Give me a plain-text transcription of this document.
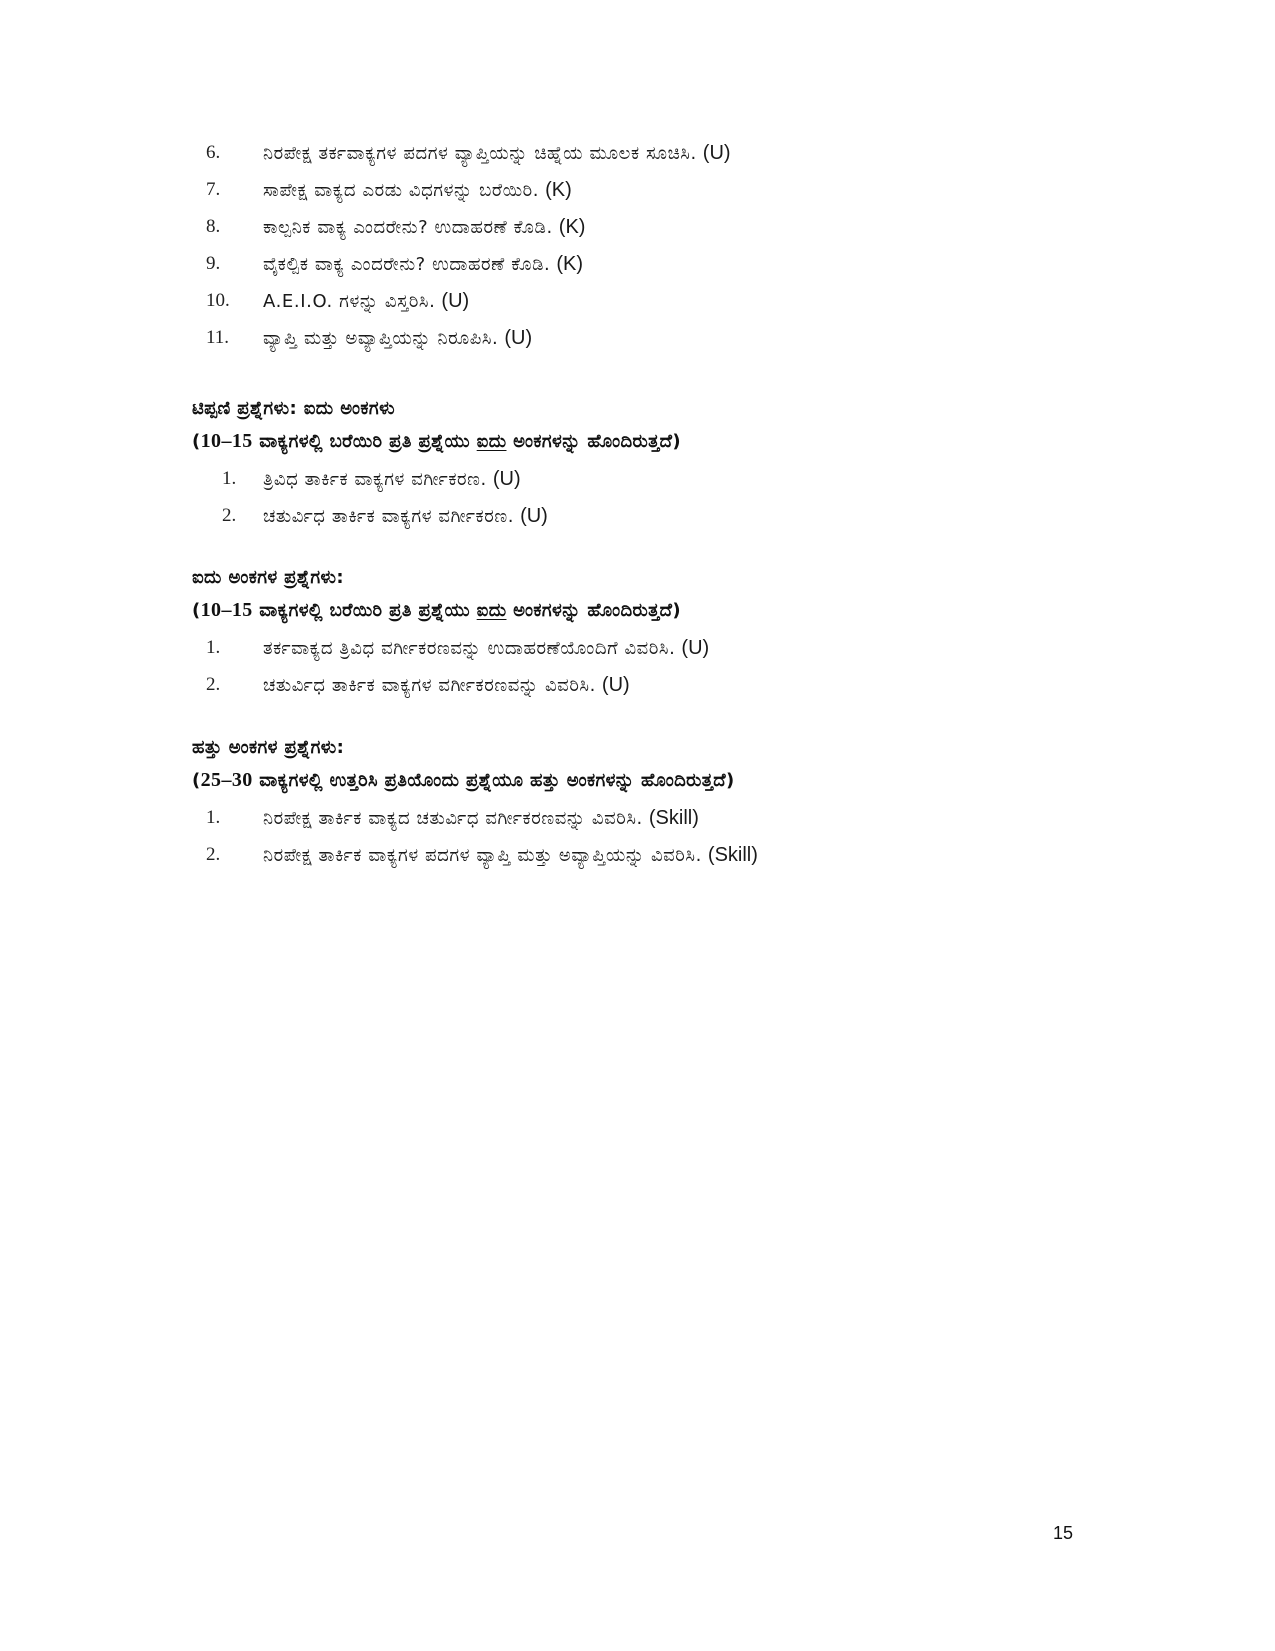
6. ನಿರಪೇಕ್ಷ ತರ್ಕವಾಕ್ಯಗಳ ಪದಗಳ ವ್ಯಾಪ್ತಿಯನ್ನು ಚಿಹ್ನೆಯ ಮೂಲಕ ಸೂಚಿಸಿ. (U)
7. ಸಾಪೇಕ್ಷ ವಾಕ್ಯದ ಎರಡು ವಿಧಗಳನ್ನು ಬರೆಯಿರಿ. (K)
8. ಕಾಲ್ಪನಿಕ ವಾಕ್ಯ ಎಂದರೇನು? ಉದಾಹರಣೆ ಕೊಡಿ. (K)
9. ವೈಕಲ್ಪಿಕ ವಾಕ್ಯ ಎಂದರೇನು? ಉದಾಹರಣೆ ಕೊಡಿ. (K)
10. A.E.I.O. ಗಳನ್ನು ವಿಸ್ತರಿಸಿ. (U)
11. ವ್ಯಾಪ್ತಿ ಮತ್ತು ಅವ್ಯಾಪ್ತಿಯನ್ನು ನಿರೂಪಿಸಿ. (U)
ಟಿಪ್ಪಣಿ ಪ್ರಶ್ನೆಗಳು: ಐದು ಅಂಕಗಳು
(10–15 ವಾಕ್ಯಗಳಲ್ಲಿ ಬರೆಯಿರಿ ಪ್ರತಿ ಪ್ರಶ್ನೆಯು ಐದು ಅಂಕಗಳನ್ನು ಹೊಂದಿರುತ್ತದೆ)
1. ತ್ರಿವಿಧ ತಾರ್ಕಿಕ ವಾಕ್ಯಗಳ ವರ್ಗೀಕರಣ. (U)
2. ಚತುರ್ವಿಧ ತಾರ್ಕಿಕ ವಾಕ್ಯಗಳ ವರ್ಗೀಕರಣ. (U)
ಐದು ಅಂಕಗಳ ಪ್ರಶ್ನೆಗಳು:
(10–15 ವಾಕ್ಯಗಳಲ್ಲಿ ಬರೆಯಿರಿ ಪ್ರತಿ ಪ್ರಶ್ನೆಯು ಐದು ಅಂಕಗಳನ್ನು ಹೊಂದಿರುತ್ತದೆ)
1. ತರ್ಕವಾಕ್ಯದ ತ್ರಿವಿಧ ವರ್ಗೀಕರಣವನ್ನು ಉದಾಹರಣೆಯೊಂದಿಗೆ ವಿವರಿಸಿ. (U)
2. ಚತುರ್ವಿಧ ತಾರ್ಕಿಕ ವಾಕ್ಯಗಳ ವರ್ಗೀಕರಣವನ್ನು ವಿವರಿಸಿ. (U)
ಹತ್ತು ಅಂಕಗಳ ಪ್ರಶ್ನೆಗಳು:
(25–30 ವಾಕ್ಯಗಳಲ್ಲಿ ಉತ್ತರಿಸಿ ಪ್ರತಿಯೊಂದು ಪ್ರಶ್ನೆಯೂ ಹತ್ತು ಅಂಕಗಳನ್ನು ಹೊಂದಿರುತ್ತದೆ)
1. ನಿರಪೇಕ್ಷ ತಾರ್ಕಿಕ ವಾಕ್ಯದ ಚತುರ್ವಿಧ ವರ್ಗೀಕರಣವನ್ನು ವಿವರಿಸಿ. (Skill)
2. ನಿರಪೇಕ್ಷ ತಾರ್ಕಿಕ ವಾಕ್ಯಗಳ ಪದಗಳ ವ್ಯಾಪ್ತಿ ಮತ್ತು ಅವ್ಯಾಪ್ತಿಯನ್ನು ವಿವರಿಸಿ. (Skill)
15
